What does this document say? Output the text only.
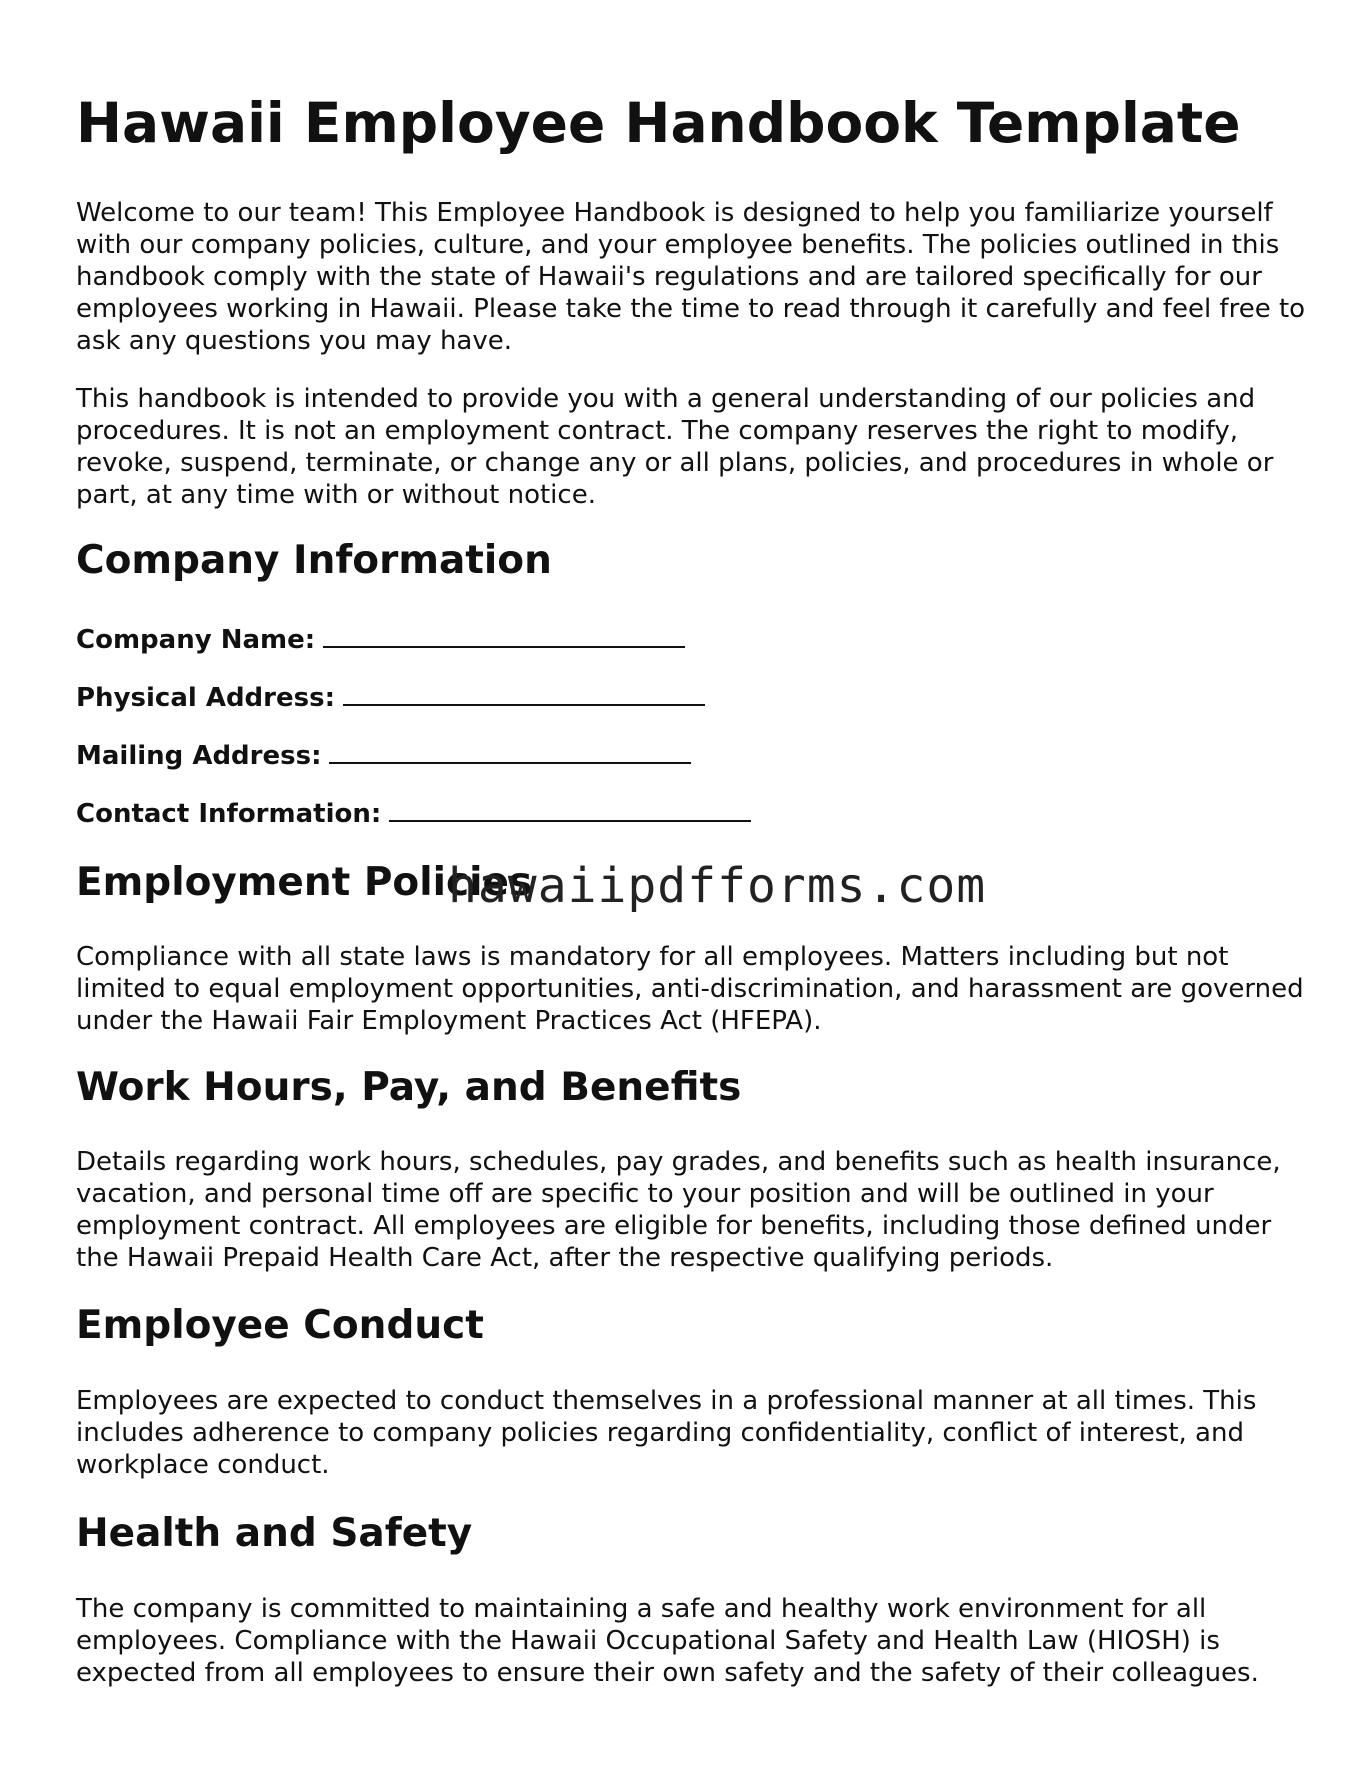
Hawaii Employee Handbook Template

Welcome to our team! This Employee Handbook is designed to help you familiarize yourself with our company policies, culture, and your employee benefits. The policies outlined in this handbook comply with the state of Hawaii's regulations and are tailored specifically for our employees working in Hawaii. Please take the time to read through it carefully and feel free to ask any questions you may have.

This handbook is intended to provide you with a general understanding of our policies and procedures. It is not an employment contract. The company reserves the right to modify, revoke, suspend, terminate, or change any or all plans, policies, and procedures in whole or part, at any time with or without notice.

Company Information
Company Name:
Physical Address:
Mailing Address:
Contact Information:
Employment Policies
hawaiipdfforms.com

Compliance with all state laws is mandatory for all employees. Matters including but not limited to equal employment opportunities, anti-discrimination, and harassment are governed under the Hawaii Fair Employment Practices Act (HFEPA).

Work Hours, Pay, and Benefits

Details regarding work hours, schedules, pay grades, and benefits such as health insurance, vacation, and personal time off are specific to your position and will be outlined in your employment contract. All employees are eligible for benefits, including those defined under the Hawaii Prepaid Health Care Act, after the respective qualifying periods.

Employee Conduct

Employees are expected to conduct themselves in a professional manner at all times. This includes adherence to company policies regarding confidentiality, conflict of interest, and workplace conduct.

Health and Safety

The company is committed to maintaining a safe and healthy work environment for all employees. Compliance with the Hawaii Occupational Safety and Health Law (HIOSH) is expected from all employees to ensure their own safety and the safety of their colleagues.
